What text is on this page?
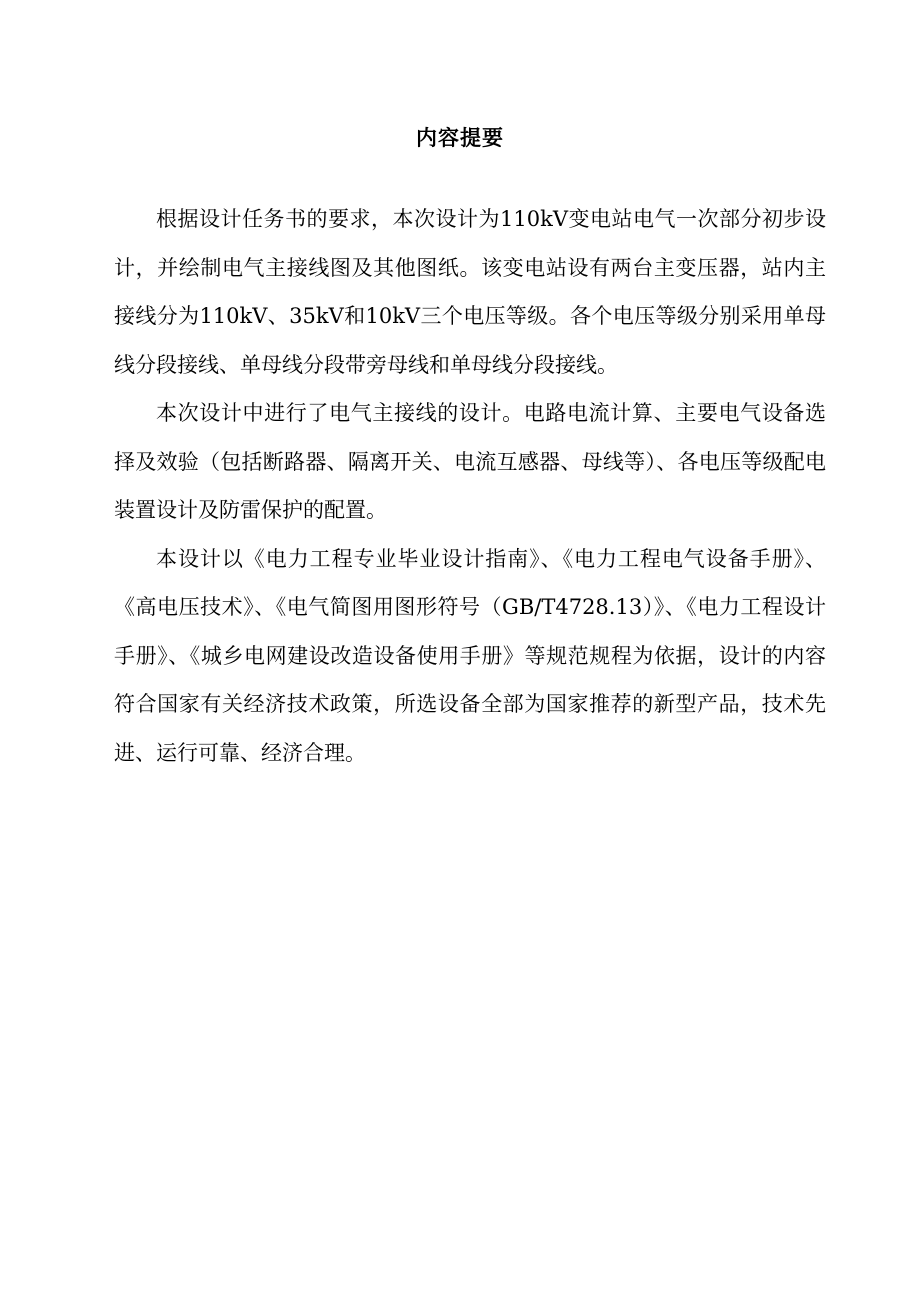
内容提要

根据设计任务书的要求，本次设计为110kV变电站电气一次部分初步设计，并绘制电气主接线图及其他图纸。该变电站设有两台主变压器，站内主接线分为110kV、35kV和10kV三个电压等级。各个电压等级分别采用单母线分段接线、单母线分段带旁母线和单母线分段接线。

本次设计中进行了电气主接线的设计。电路电流计算、主要电气设备选择及效验（包括断路器、隔离开关、电流互感器、母线等）、各电压等级配电装置设计及防雷保护的配置。

本设计以《电力工程专业毕业设计指南》、《电力工程电气设备手册》、《高电压技术》、《电气简图用图形符号（GB/T4728.13）》、《电力工程设计手册》、《城乡电网建设改造设备使用手册》等规范规程为依据，设计的内容符合国家有关经济技术政策，所选设备全部为国家推荐的新型产品，技术先进、运行可靠、经济合理。
